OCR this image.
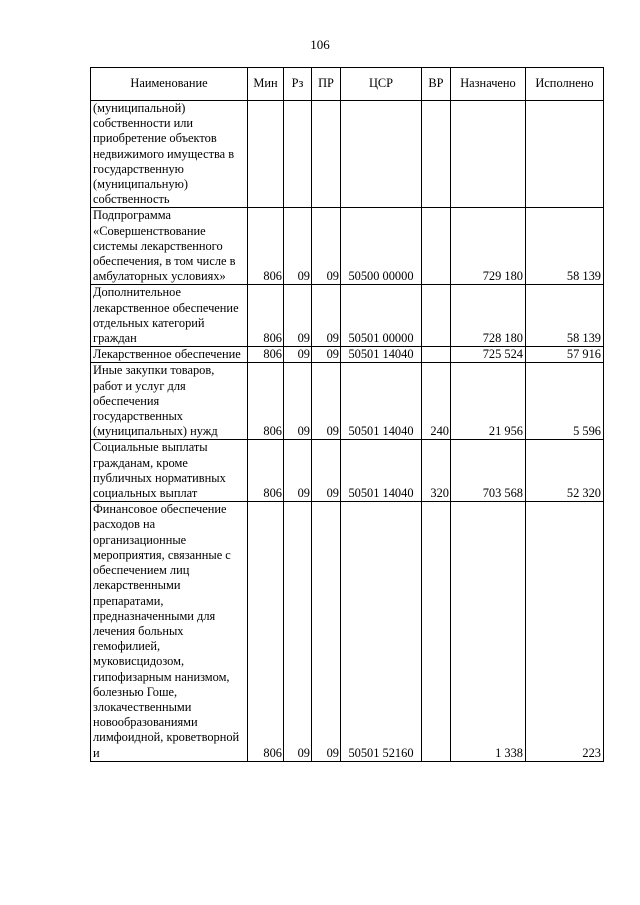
106
Наименование	Мин	Рз	ПР	ЦСР	ВР	Назначено	Исполнено
(муниципальной) собственности или приобретение объектов недвижимого имущества в государственную (муниципальную) собственность							
Подпрограмма «Совершенствование системы лекарственного обеспечения, в том числе в амбулаторных условиях»	806	09	09	50500 00000		729 180	58 139
Дополнительное лекарственное обеспечение отдельных категорий граждан	806	09	09	50501 00000		728 180	58 139
Лекарственное обеспечение	806	09	09	50501 14040		725 524	57 916
Иные закупки товаров, работ и услуг для обеспечения государственных (муниципальных) нужд	806	09	09	50501 14040	240	21 956	5 596
Социальные выплаты гражданам, кроме публичных нормативных социальных выплат	806	09	09	50501 14040	320	703 568	52 320
Финансовое обеспечение расходов на организационные мероприятия, связанные с обеспечением лиц лекарственными препаратами, предназначенными для лечения больных гемофилией, муковисцидозом, гипофизарным нанизмом, болезнью Гоше, злокачественными новообразованиями лимфоидной, кроветворной и	806	09	09	50501 52160		1 338	223
